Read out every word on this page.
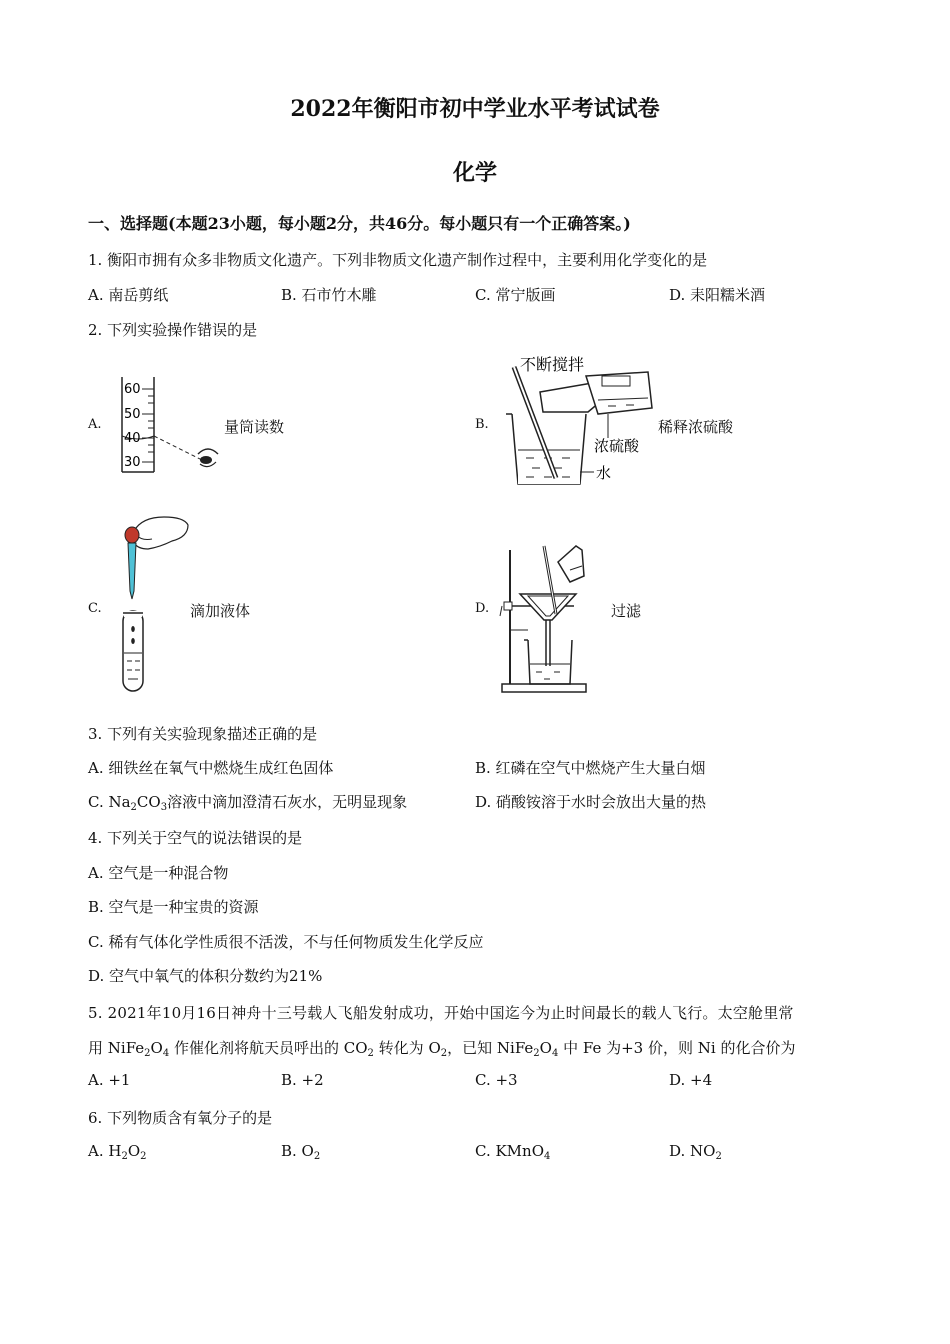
2022年衡阳市初中学业水平考试试卷
化学
一、选择题(本题23小题，每小题2分，共46分。每小题只有一个正确答案。)
1. 衡阳市拥有众多非物质文化遗产。下列非物质文化遗产制作过程中，主要利用化学变化的是
A. 南岳剪纸	B. 石市竹木雕	C. 常宁版画	D. 耒阳糯米酒
2. 下列实验操作错误的是
A.
60
50
40
30
量筒读数	B.
不断搅拌
浓硫酸
水
稀释浓硫酸
C.	滴加液体	D.	过滤
3. 下列有关实验现象描述正确的是
A. 细铁丝在氧气中燃烧生成红色固体	B. 红磷在空气中燃烧产生大量白烟
C. $Na_2CO_3$溶液中滴加澄清石灰水，无明显现象	D. 硝酸铵溶于水时会放出大量的热
4. 下列关于空气的说法错误的是
A. 空气是一种混合物
B. 空气是一种宝贵的资源
C. 稀有气体化学性质很不活泼，不与任何物质发生化学反应
D. 空气中氧气的体积分数约为21%
5. 2021年10月16日神舟十三号载人飞船发射成功，开始中国迄今为止时间最长的载人飞行。太空舱里常
用 $NiFe_2O_4$ 作催化剂将航天员呼出的 $CO_2$ 转化为 $O_2$，已知 $NiFe_2O_4$ 中 Fe 为+3 价，则 Ni 的化合价为
A. +1	B. +2	C. +3	D. +4
6. 下列物质含有氧分子的是
A. $H_2O_2$	B. $O_2$	C. KMnO$_4$	D. $NO_2$
